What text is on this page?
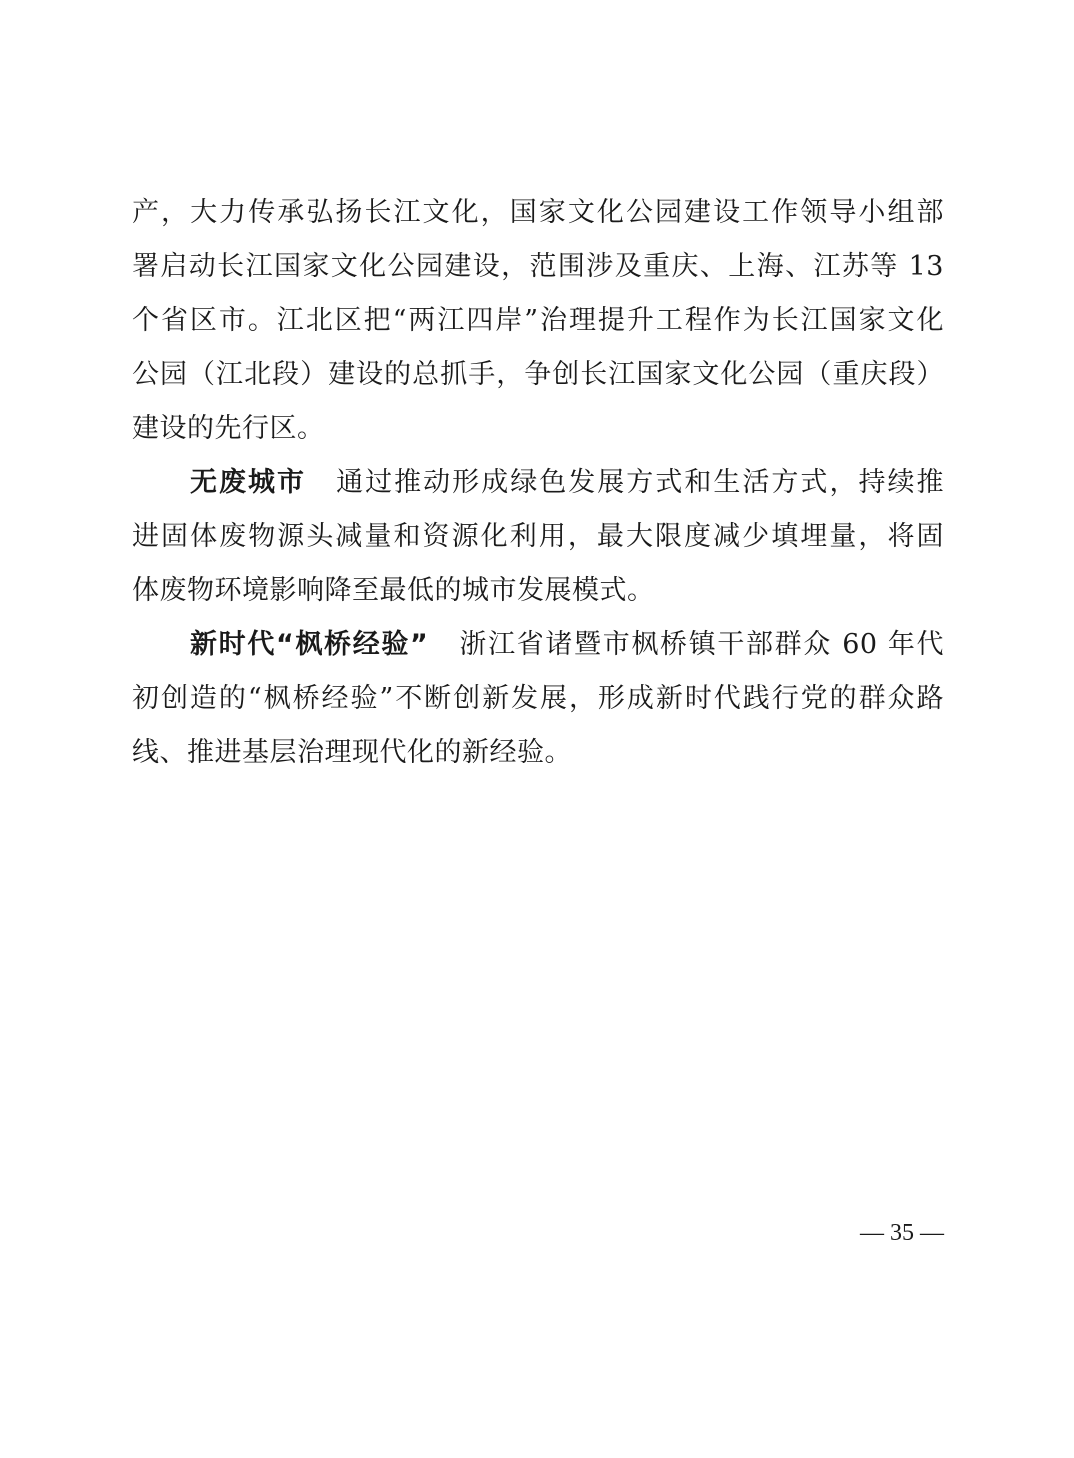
产，大力传承弘扬长江文化，国家文化公园建设工作领导小组部
署启动长江国家文化公园建设，范围涉及重庆、上海、江苏等 13
个省区市。江北区把“两江四岸”治理提升工程作为长江国家文化
公园（江北段）建设的总抓手，争创长江国家文化公园（重庆段）
建设的先行区。
无废城市 通过推动形成绿色发展方式和生活方式，持续推
进固体废物源头减量和资源化利用，最大限度减少填埋量，将固
体废物环境影响降至最低的城市发展模式。
新时代“枫桥经验” 浙江省诸暨市枫桥镇干部群众 60 年代
初创造的“枫桥经验”不断创新发展，形成新时代践行党的群众路
线、推进基层治理现代化的新经验。
— 35 —
